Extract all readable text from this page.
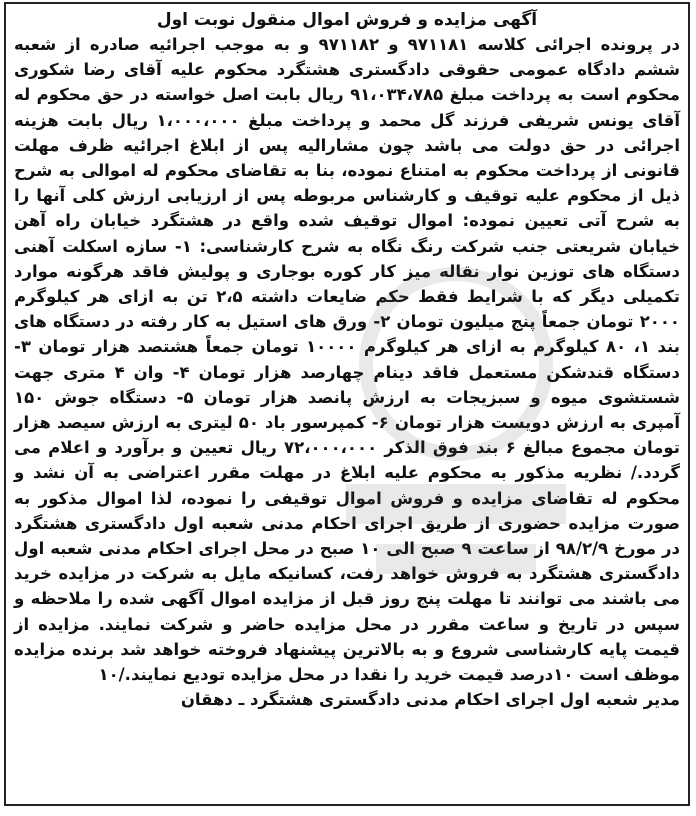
آگهی مزایده و فروش اموال منقول نوبت اول

در پرونده اجرائی کلاسه ۹۷۱۱۸۱ و ۹۷۱۱۸۲ و به موجب اجرائیه صادره از شعبه ششم دادگاه عمومی حقوقی دادگستری هشتگرد محکوم علیه آقای رضا شکوری محکوم است به پرداخت مبلغ ۹۱،۰۳۴،۷۸۵ ریال بابت اصل خواسته در حق محکوم له آقای یونس شریفی فرزند گل محمد و پرداخت مبلغ ۱،۰۰۰،۰۰۰ ریال بابت هزینه اجرائی در حق دولت می باشد چون مشارالیه پس از ابلاغ اجرائیه ظرف مهلت قانونی از پرداخت محکوم به امتناع نموده، بنا به تقاضای محکوم له اموالی به شرح ذیل از محکوم علیه توقیف و کارشناس مربوطه پس از ارزیابی ارزش کلی آنها را به شرح آتی تعیین نموده: اموال توقیف شده واقع در هشتگرد خیابان راه آهن خیابان شریعتی جنب شرکت رنگ نگاه به شرح کارشناسی: ۱- سازه اسکلت آهنی دستگاه های توزین نوار نقاله میز کار کوره بوجاری و پولیش فاقد هرگونه موارد تکمیلی دیگر که با شرایط فقط حکم ضایعات داشته ۲،۵ تن به ازای هر کیلوگرم ۲۰۰۰ تومان جمعاً پنج میلیون تومان ۲- ورق های استیل به کار رفته در دستگاه های بند ۱، ۸۰ کیلوگرم به ازای هر کیلوگرم ۱۰۰۰۰ تومان جمعاً هشتصد هزار تومان ۳- دستگاه قندشکن مستعمل فاقد دینام چهارصد هزار تومان ۴- وان ۴ متری جهت شستشوی میوه و سبزیجات به ارزش پانصد هزار تومان ۵- دستگاه جوش ۱۵۰ آمپری به ارزش دویست هزار تومان ۶- کمپرسور باد ۵۰ لیتری به ارزش سیصد هزار تومان مجموع مبالغ ۶ بند فوق الذکر ۷۲،۰۰۰،۰۰۰ ریال تعیین و برآورد و اعلام می گردد./ نظریه مذکور به محکوم علیه ابلاغ در مهلت مقرر اعتراضی به آن نشد و محکوم له تقاضای مزایده و فروش اموال توقیفی را نموده، لذا اموال مذکور به صورت مزایده حضوری از طریق اجرای احکام مدنی شعبه اول دادگستری هشتگرد در مورخ ۹۸/۲/۹ از ساعت ۹ صبح الی ۱۰ صبح در محل اجرای احکام مدنی شعبه اول دادگستری هشتگرد به فروش خواهد رفت، کسانیکه مایل به شرکت در مزایده خرید می باشند می توانند تا مهلت پنج روز قبل از مزایده اموال آگهی شده را ملاحظه و سپس در تاریخ و ساعت مقرر در محل مزایده حاضر و شرکت نمایند. مزایده از قیمت پایه کارشناسی شروع و به بالاترین پیشنهاد فروخته خواهد شد برنده مزایده موظف است ۱۰درصد قیمت خرید را نقدا در محل مزایده تودیع نمایند./۱۰

مدیر شعبه اول اجرای احکام مدنی دادگستری هشتگرد ـ دهقان
